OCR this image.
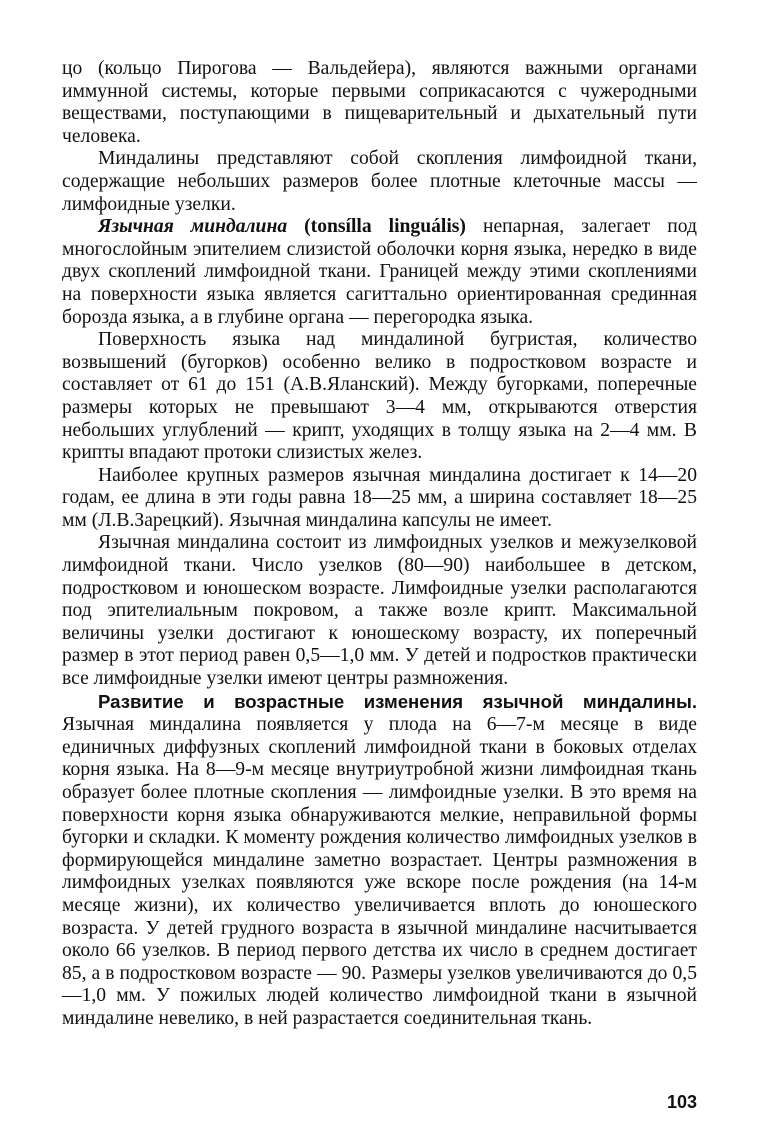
цо (кольцо Пирогова — Вальдейера), являются важными органами иммунной системы, которые первыми соприкасаются с чужеродными веществами, поступающими в пищеварительный и дыхательный пути человека.

Миндалины представляют собой скопления лимфоидной ткани, содержащие небольших размеров более плотные клеточные массы — лимфоидные узелки.

Язычная миндалина (tonsílla linguális) непарная, залегает под многослойным эпителием слизистой оболочки корня языка, нередко в виде двух скоплений лимфоидной ткани. Границей между этими скоплениями на поверхности языка является сагиттально ориентированная срединная борозда языка, а в глубине органа — перегородка языка.

Поверхность языка над миндалиной бугристая, количество возвышений (бугорков) особенно велико в подростковом возрасте и составляет от 61 до 151 (А.В.Яланский). Между бугорками, поперечные размеры которых не превышают 3—4 мм, открываются отверстия небольших углублений — крипт, уходящих в толщу языка на 2—4 мм. В крипты впадают протоки слизистых желез.

Наиболее крупных размеров язычная миндалина достигает к 14—20 годам, ее длина в эти годы равна 18—25 мм, а ширина составляет 18—25 мм (Л.В.Зарецкий). Язычная миндалина капсулы не имеет.

Язычная миндалина состоит из лимфоидных узелков и межузелковой лимфоидной ткани. Число узелков (80—90) наибольшее в детском, подростковом и юношеском возрасте. Лимфоидные узелки располагаются под эпителиальным покровом, а также возле крипт. Максимальной величины узелки достигают к юношескому возрасту, их поперечный размер в этот период равен 0,5—1,0 мм. У детей и подростков практически все лимфоидные узелки имеют центры размножения.

Развитие и возрастные изменения язычной миндалины. Язычная миндалина появляется у плода на 6—7-м месяце в виде единичных диффузных скоплений лимфоидной ткани в боковых отделах корня языка. На 8—9-м месяце внутриутробной жизни лимфоидная ткань образует более плотные скопления — лимфоидные узелки. В это время на поверхности корня языка обнаруживаются мелкие, неправильной формы бугорки и складки. К моменту рождения количество лимфоидных узелков в формирующейся миндалине заметно возрастает. Центры размножения в лимфоидных узелках появляются уже вскоре после рождения (на 14-м месяце жизни), их количество увеличивается вплоть до юношеского возраста. У детей грудного возраста в язычной миндалине насчитывается около 66 узелков. В период первого детства их число в среднем достигает 85, а в подростковом возрасте — 90. Размеры узелков увеличиваются до 0,5—1,0 мм. У пожилых людей количество лимфоидной ткани в язычной миндалине невелико, в ней разрастается соединительная ткань.

103
